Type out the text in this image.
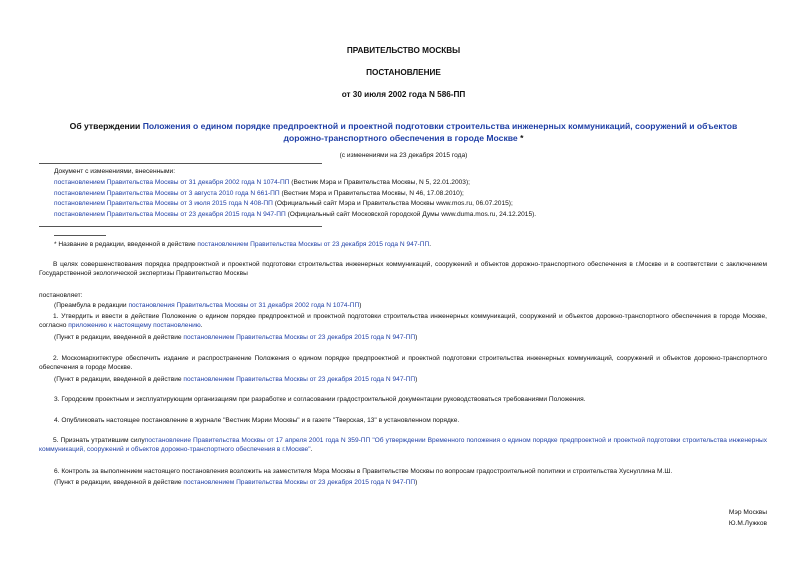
ПРАВИТЕЛЬСТВО МОСКВЫ
ПОСТАНОВЛЕНИЕ
от 30 июля 2002 года N 586-ПП
Об утверждении Положения о едином порядке предпроектной и проектной подготовки строительства инженерных коммуникаций, сооружений и объектов
дорожно-транспортного обеспечения в городе Москве *
(с изменениями на 23 декабря 2015 года)
Документ с изменениями, внесенными:
постановлением Правительства Москвы от 31 декабря 2002 года N 1074-ПП (Вестник Мэра и Правительства Москвы, N 5, 22.01.2003);
постановлением Правительства Москвы от 3 августа 2010 года N 661-ПП (Вестник Мэра и Правительства Москвы, N 46, 17.08.2010);
постановлением Правительства Москвы от 3 июля 2015 года N 408-ПП (Официальный сайт Мэра и Правительства Москвы www.mos.ru, 06.07.2015);
постановлением Правительства Москвы от 23 декабря 2015 года N 947-ПП (Официальный сайт Московской городской Думы www.duma.mos.ru, 24.12.2015).
* Название в редакции, введенной в действие постановлением Правительства Москвы от 23 декабря 2015 года N 947-ПП.
В целях совершенствования порядка предпроектной и проектной подготовки строительства инженерных коммуникаций, сооружений и объектов дорожно-транспортного обеспечения в г.Москве и в соответствии с заключением Государственной экологической экспертизы Правительство Москвы
постановляет:
(Преамбула в редакции постановления Правительства Москвы от 31 декабря 2002 года N 1074-ПП)
1. Утвердить и ввести в действие Положение о едином порядке предпроектной и проектной подготовки строительства инженерных коммуникаций, сооружений и объектов дорожно-транспортного обеспечения в городе Москве, согласно приложению к настоящему постановлению.
(Пункт в редакции, введенной в действие постановлением Правительства Москвы от 23 декабря 2015 года N 947-ПП)
2. Москомархитектуре обеспечить издание и распространение Положения о едином порядке предпроектной и проектной подготовки строительства инженерных коммуникаций, сооружений и объектов дорожно-транспортного обеспечения в городе Москве.
(Пункт в редакции, введенной в действие постановлением Правительства Москвы от 23 декабря 2015 года N 947-ПП)
3. Городским проектным и эксплуатирующим организациям при разработке и согласовании градостроительной документации руководствоваться требованиями Положения.
4. Опубликовать настоящее постановление в журнале "Вестник Мэрии Москвы" и в газете "Тверская, 13" в установленном порядке.
5. Признать утратившим силупостановление Правительства Москвы от 17 апреля 2001 года N 359-ПП "Об утверждении Временного положения о едином порядке предпроектной и проектной подготовки строительства инженерных коммуникаций, сооружений и объектов дорожно-транспортного обеспечения в г.Москве".
6. Контроль за выполнением настоящего постановления возложить на заместителя Мэра Москвы в Правительстве Москвы по вопросам градостроительной политики и строительства Хуснуллина М.Ш.
(Пункт в редакции, введенной в действие постановлением Правительства Москвы от 23 декабря 2015 года N 947-ПП)
Мэр Москвы
Ю.М.Лужков
